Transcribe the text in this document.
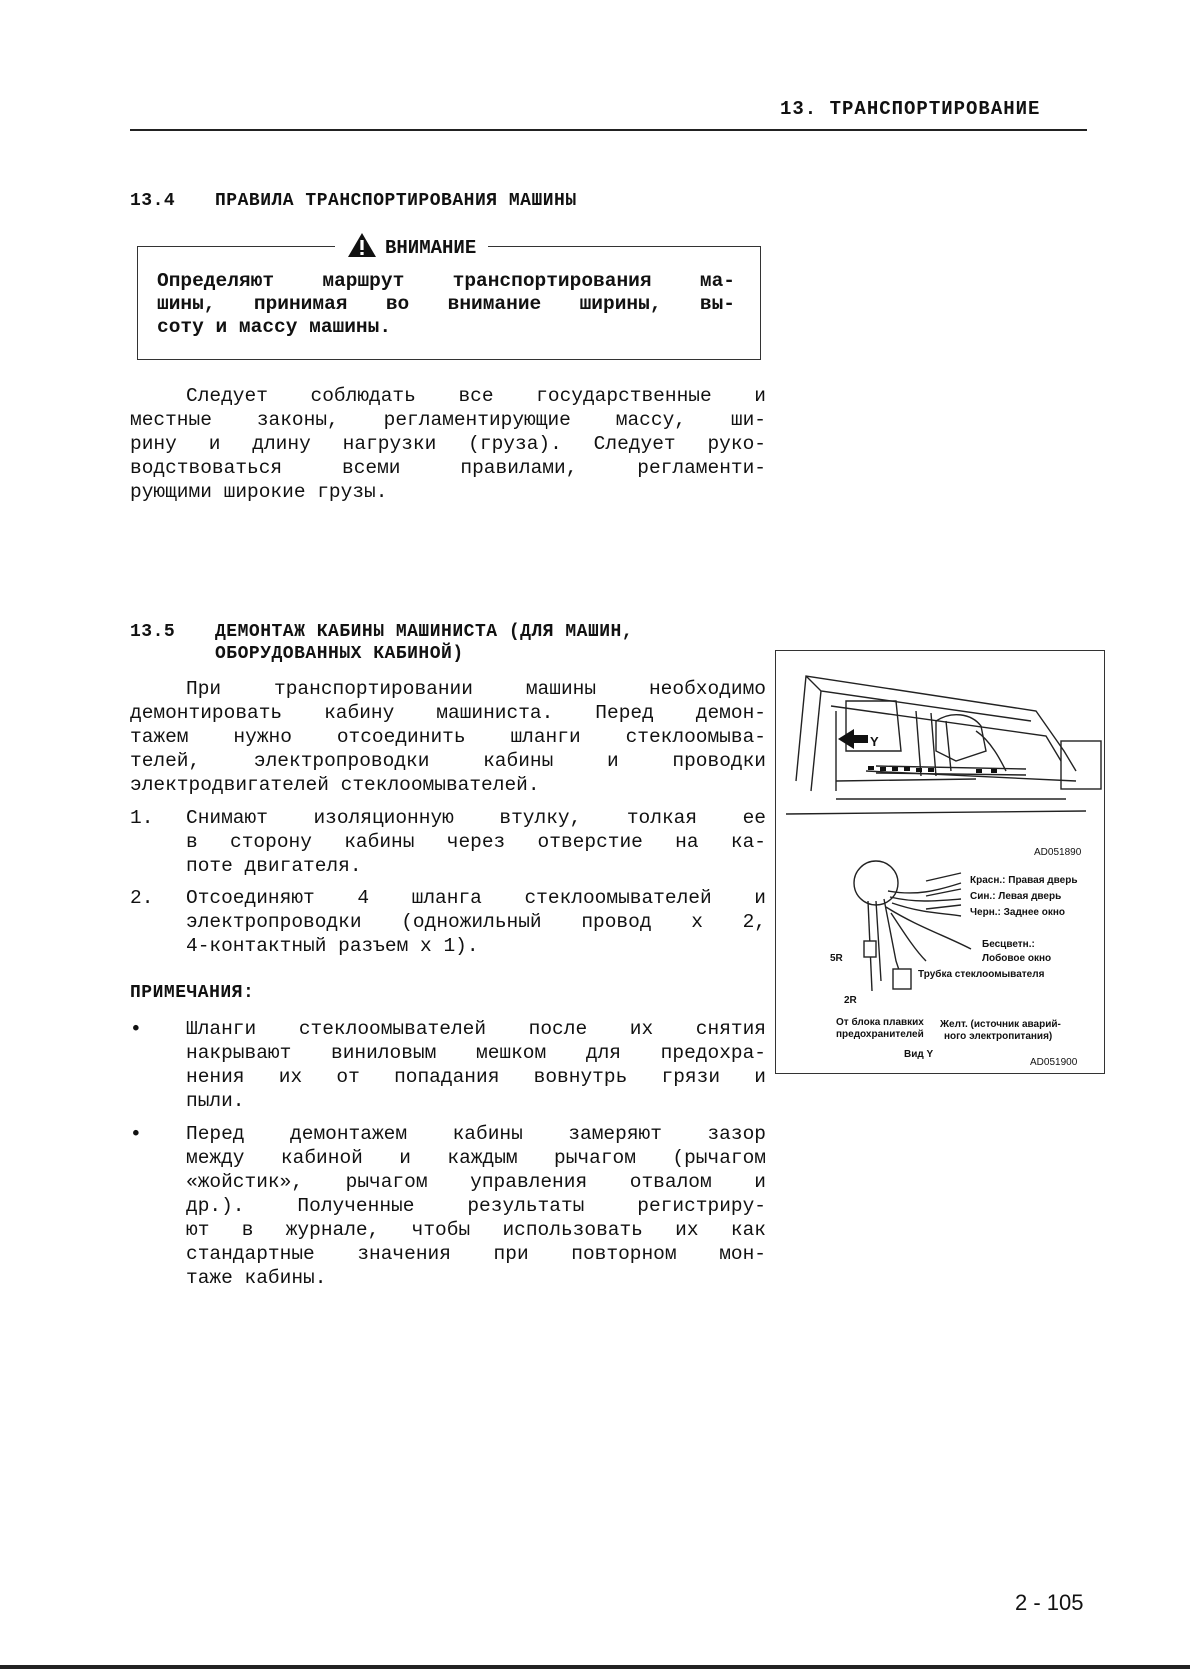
13. ТРАНСПОРТИРОВАНИЕ
13.4 ПРАВИЛА ТРАНСПОРТИРОВАНИЯ МАШИНЫ
ВНИМАНИЕ
Определяют маршрут транспортирования ма-
шины, принимая во внимание ширины, вы-
соту и массу машины.
Следует соблюдать все государственные и
местные законы, регламентирующие массу, ши-
рину и длину нагрузки (груза). Следует руко-
водствоваться всеми правилами, регламенти-
рующими широкие грузы.
13.5 ДЕМОНТАЖ КАБИНЫ МАШИНИСТА (ДЛЯ МАШИН,
ОБОРУДОВАННЫХ КАБИНОЙ)
При транспортировании машины необходимо
демонтировать кабину машиниста. Перед демон-
тажем нужно отсоединить шланги стеклоомыва-
телей, электропроводки кабины и проводки
электродвигателей стеклоомывателей.
1. Снимают изоляционную втулку, толкая ее
в сторону кабины через отверстие на ка-
поте двигателя.
2. Отсоединяют 4 шланга стеклоомывателей и
электропроводки (одножильный провод х 2,
4-контактный разъем х 1).
ПРИМЕЧАНИЯ:
• Шланги стеклоомывателей после их снятия
накрывают виниловым мешком для предохра-
нения их от попадания вовнутрь грязи и
пыли.
• Перед демонтажем кабины замеряют зазор
между кабиной и каждым рычагом (рычагом
«жойстик», рычагом управления отвалом и
др.). Полученные результаты регистриру-
ют в журнале, чтобы использовать их как
стандартные значения при повторном мон-
таже кабины.
Y
AD051890
Красн.: Правая дверь
Син.: Левая дверь
Черн.: Заднее окно
Бесцветн.:
Лобовое окно
Трубка стеклоомывателя
5R
2R
От блока плавких
предохранителей
Желт. (источник аварий-
ного электропитания)
Вид Y
AD051900
2 - 105
